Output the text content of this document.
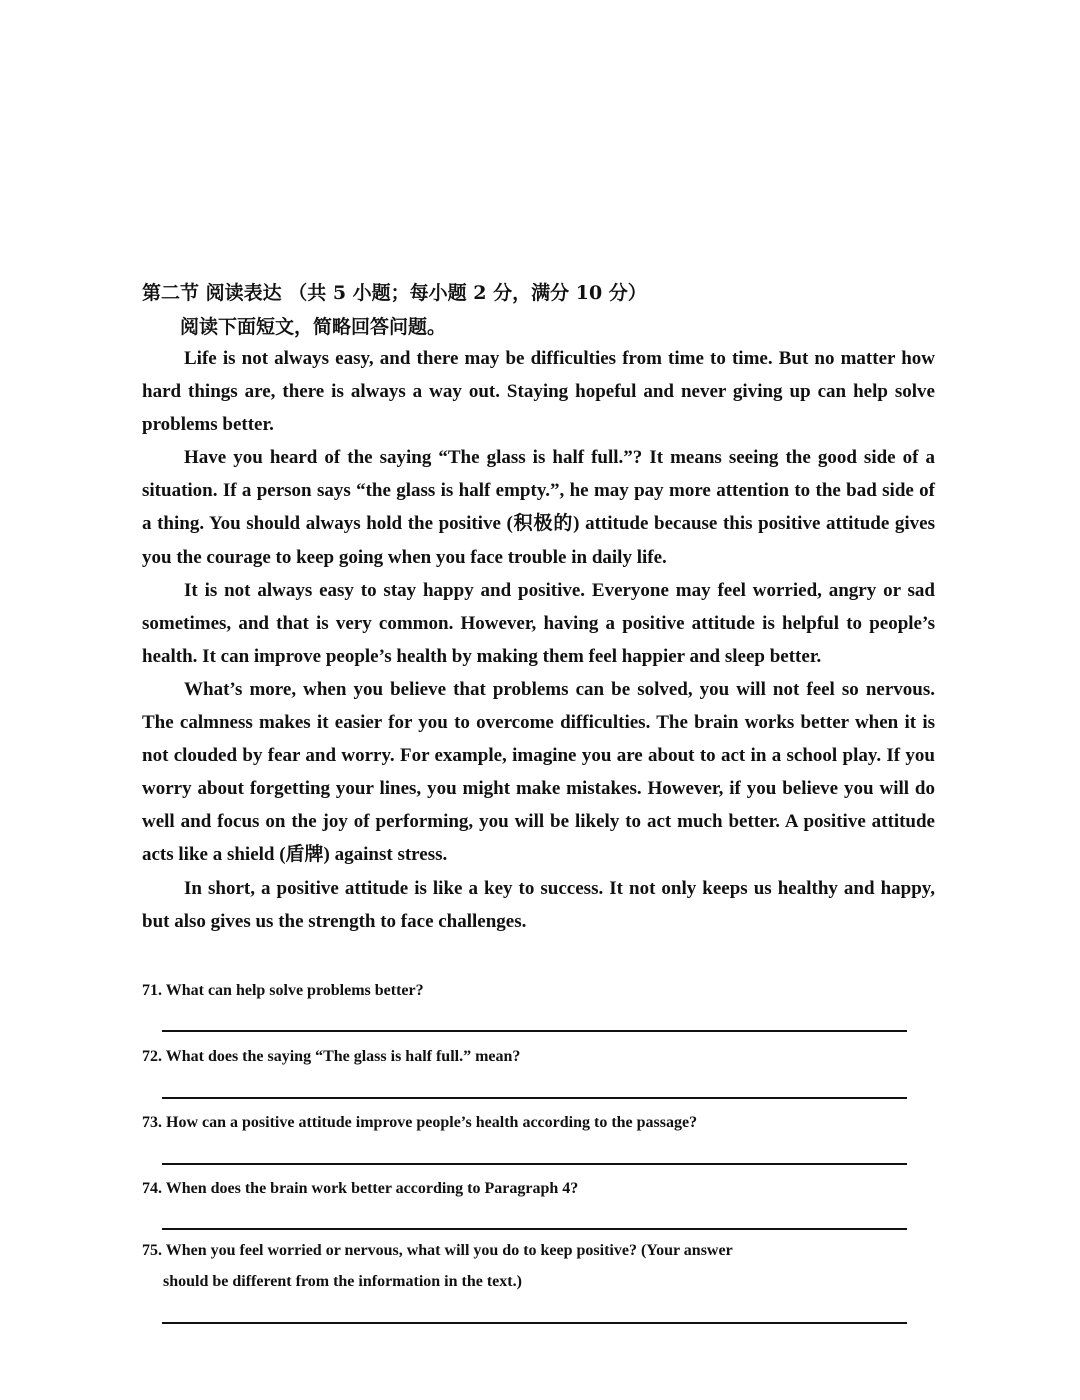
第二节 阅读表达 （共 5 小题；每小题 2 分，满分 10 分）
阅读下面短文，简略回答问题。

Life is not always easy, and there may be difficulties from time to time. But no matter how hard things are, there is always a way out. Staying hopeful and never giving up can help solve problems better.

Have you heard of the saying “The glass is half full.”? It means seeing the good side of a situation. If a person says “the glass is half empty.”, he may pay more attention to the bad side of a thing. You should always hold the positive (积极的) attitude because this positive attitude gives you the courage to keep going when you face trouble in daily life.

It is not always easy to stay happy and positive. Everyone may feel worried, angry or sad sometimes, and that is very common. However, having a positive attitude is helpful to people’s health. It can improve people’s health by making them feel happier and sleep better.

What’s more, when you believe that problems can be solved, you will not feel so nervous. The calmness makes it easier for you to overcome difficulties. The brain works better when it is not clouded by fear and worry. For example, imagine you are about to act in a school play. If you worry about forgetting your lines, you might make mistakes. However, if you believe you will do well and focus on the joy of performing, you will be likely to act much better. A positive attitude acts like a shield (盾牌) against stress.

In short, a positive attitude is like a key to success. It not only keeps us healthy and happy, but also gives us the strength to face challenges.

71. What can help solve problems better?
72. What does the saying “The glass is half full.” mean?
73. How can a positive attitude improve people’s health according to the passage?
74. When does the brain work better according to Paragraph 4?
75. When you feel worried or nervous, what will you do to keep positive? (Your answer
should be different from the information in the text.)
